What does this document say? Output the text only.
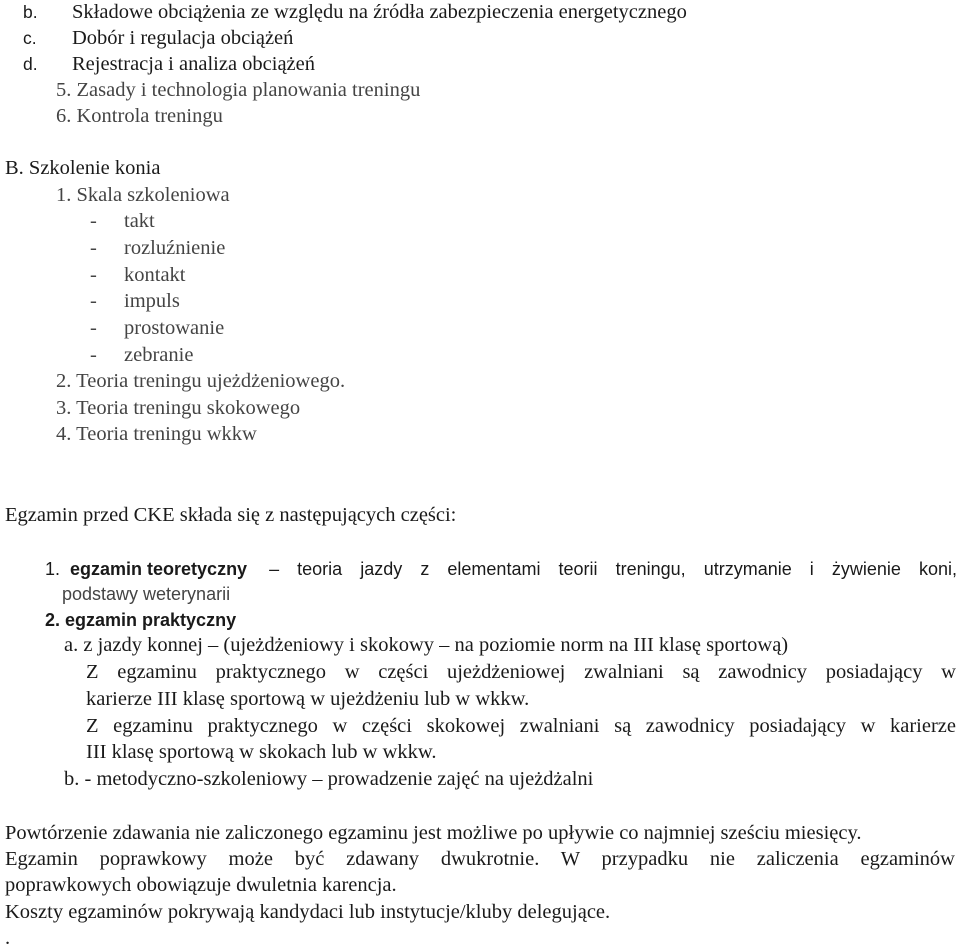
b. Składowe obciążenia ze względu na źródła zabezpieczenia energetycznego
c. Dobór i regulacja obciążeń
d. Rejestracja i analiza obciążeń
5. Zasady i technologia planowania treningu
6. Kontrola treningu
B. Szkolenie konia
1. Skala szkoleniowa
- takt
- rozluźnienie
- kontakt
- impuls
- prostowanie
- zebranie
2. Teoria treningu ujeżdżeniowego.
3. Teoria treningu skokowego
4. Teoria treningu wkkw
Egzamin przed CKE składa się z następujących części:
1. egzamin teoretyczny – teoria jazdy z elementami teorii treningu, utrzymanie i żywienie koni,
podstawy weterynarii
2. egzamin praktyczny
a. z jazdy konnej – (ujeżdżeniowy i skokowy – na poziomie norm na III klasę sportową)
Z egzaminu praktycznego w części ujeżdżeniowej zwalniani są zawodnicy posiadający w
karierze III klasę sportową w ujeżdżeniu lub w wkkw.
Z egzaminu praktycznego w części skokowej zwalniani są zawodnicy posiadający w karierze
III klasę sportową w skokach lub w wkkw.
b. - metodyczno-szkoleniowy – prowadzenie zajęć na ujeżdżalni
Powtórzenie zdawania nie zaliczonego egzaminu jest możliwe po upływie co najmniej sześciu miesięcy.
Egzamin poprawkowy może być zdawany dwukrotnie. W przypadku nie zaliczenia egzaminów
poprawkowych obowiązuje dwuletnia karencja.
Koszty egzaminów pokrywają kandydaci lub instytucje/kluby delegujące.
.
